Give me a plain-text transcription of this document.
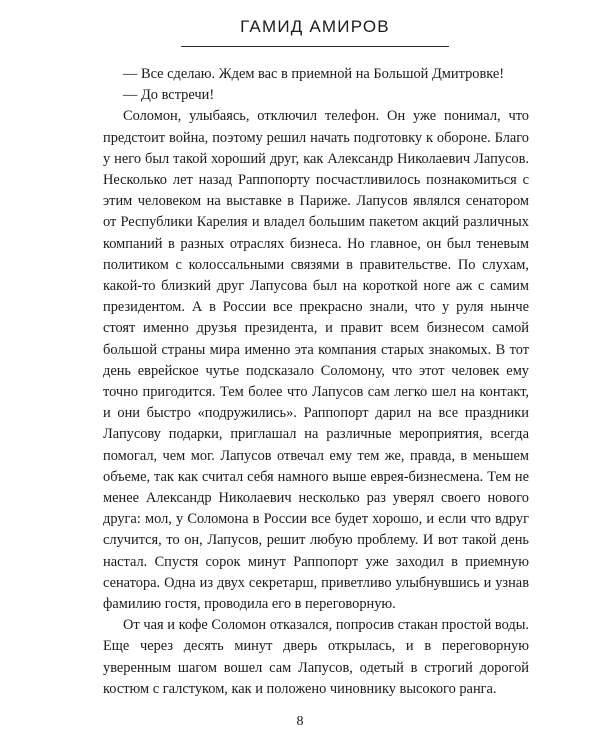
ГАМИД АМИРОВ

— Все сделаю. Ждем вас в приемной на Большой Дмитровке!

— До встречи!

Соломон, улыбаясь, отключил телефон. Он уже понимал, что предстоит война, поэтому решил начать подготовку к обороне. Благо у него был такой хороший друг, как Александр Николаевич Лапусов. Несколько лет назад Раппопорту посчастливилось познакомиться с этим человеком на выставке в Париже. Лапусов являлся сенатором от Республики Карелия и владел большим пакетом акций различных компаний в разных отраслях бизнеса. Но главное, он был теневым политиком с колоссальными связями в правительстве. По слухам, какой-то близкий друг Лапусова был на короткой ноге аж с самим президентом. А в России все прекрасно знали, что у руля нынче стоят именно друзья президента, и правит всем бизнесом самой большой страны мира именно эта компания старых знакомых. В тот день еврейское чутье подсказало Соломону, что этот человек ему точно пригодится. Тем более что Лапусов сам легко шел на контакт, и они быстро «подружились». Раппопорт дарил на все праздники Лапусову подарки, приглашал на различные мероприятия, всегда помогал, чем мог. Лапусов отвечал ему тем же, правда, в меньшем объеме, так как считал себя намного выше еврея-бизнесмена. Тем не менее Александр Николаевич несколько раз уверял своего нового друга: мол, у Соломона в России все будет хорошо, и если что вдруг случится, то он, Лапусов, решит любую проблему. И вот такой день настал. Спустя сорок минут Раппопорт уже заходил в приемную сенатора. Одна из двух секретарш, приветливо улыбнувшись и узнав фамилию гостя, проводила его в переговорную.

От чая и кофе Соломон отказался, попросив стакан простой воды. Еще через десять минут дверь открылась, и в переговорную уверенным шагом вошел сам Лапусов, одетый в строгий дорогой костюм с галстуком, как и положено чиновнику высокого ранга.

8
